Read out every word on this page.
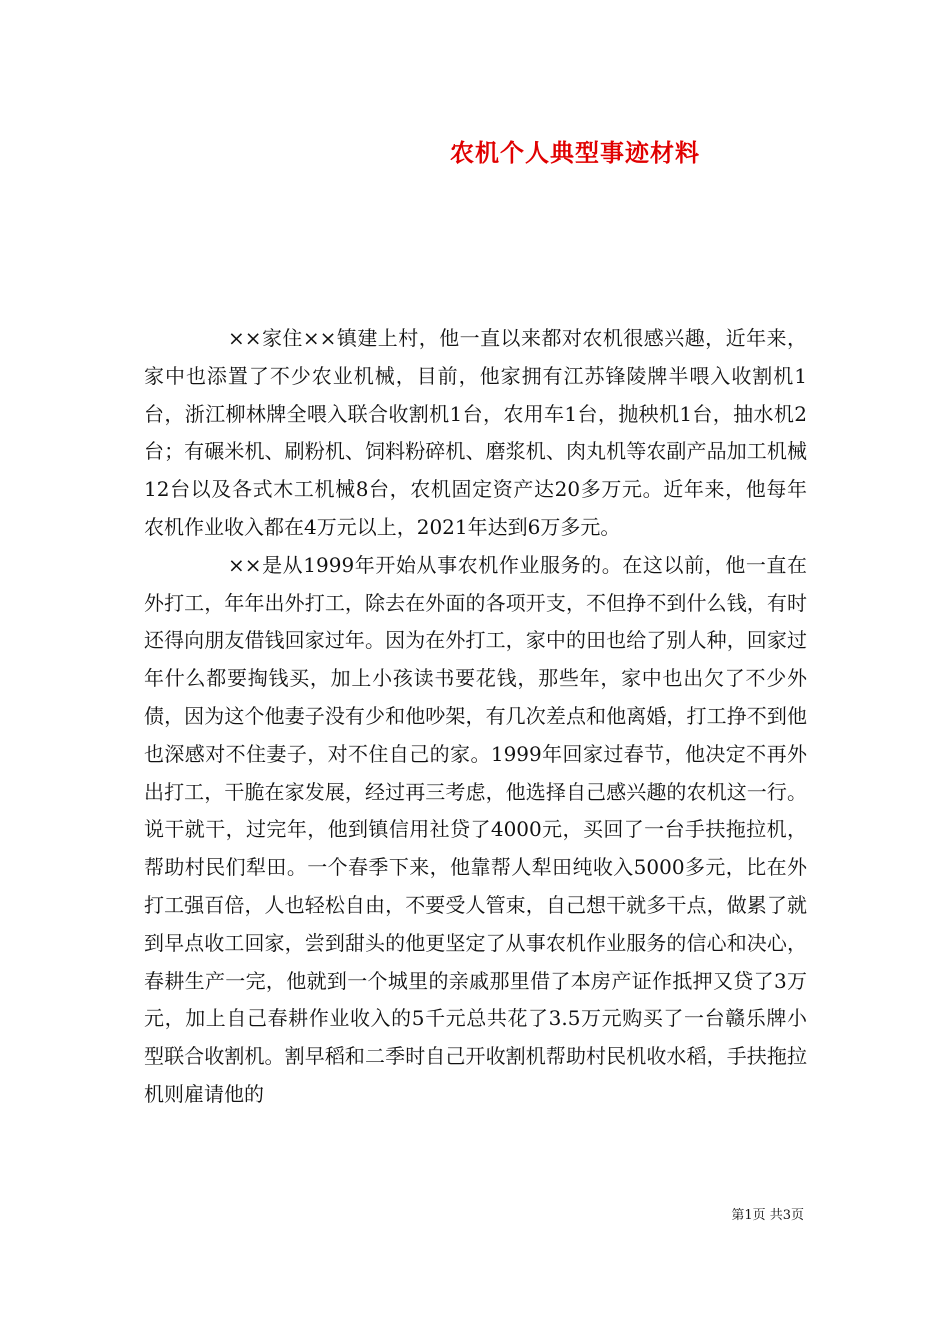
农机个人典型事迹材料

××家住××镇建上村，他一直以来都对农机很感兴趣，近年来，家中也添置了不少农业机械，目前，他家拥有江苏锋陵牌半喂入收割机1台，浙江柳林牌全喂入联合收割机1台，农用车1台，抛秧机1台，抽水机2台；有碾米机、刷粉机、饲料粉碎机、磨浆机、肉丸机等农副产品加工机械12台以及各式木工机械8台，农机固定资产达20多万元。近年来，他每年农机作业收入都在4万元以上，2021年达到6万多元。

××是从1999年开始从事农机作业服务的。在这以前，他一直在外打工，年年出外打工，除去在外面的各项开支，不但挣不到什么钱，有时还得向朋友借钱回家过年。因为在外打工，家中的田也给了别人种，回家过年什么都要掏钱买，加上小孩读书要花钱，那些年，家中也出欠了不少外债，因为这个他妻子没有少和他吵架，有几次差点和他离婚，打工挣不到他也深感对不住妻子，对不住自己的家。1999年回家过春节，他决定不再外出打工，干脆在家发展，经过再三考虑，他选择自己感兴趣的农机这一行。说干就干，过完年，他到镇信用社贷了4000元，买回了一台手扶拖拉机，帮助村民们犁田。一个春季下来，他靠帮人犁田纯收入5000多元，比在外打工强百倍，人也轻松自由，不要受人管束，自己想干就多干点，做累了就到早点收工回家，尝到甜头的他更坚定了从事农机作业服务的信心和决心，春耕生产一完，他就到一个城里的亲戚那里借了本房产证作抵押又贷了3万元，加上自己春耕作业收入的5千元总共花了3.5万元购买了一台赣乐牌小型联合收割机。割早稻和二季时自己开收割机帮助村民机收水稻，手扶拖拉机则雇请他的

第1页 共3页
